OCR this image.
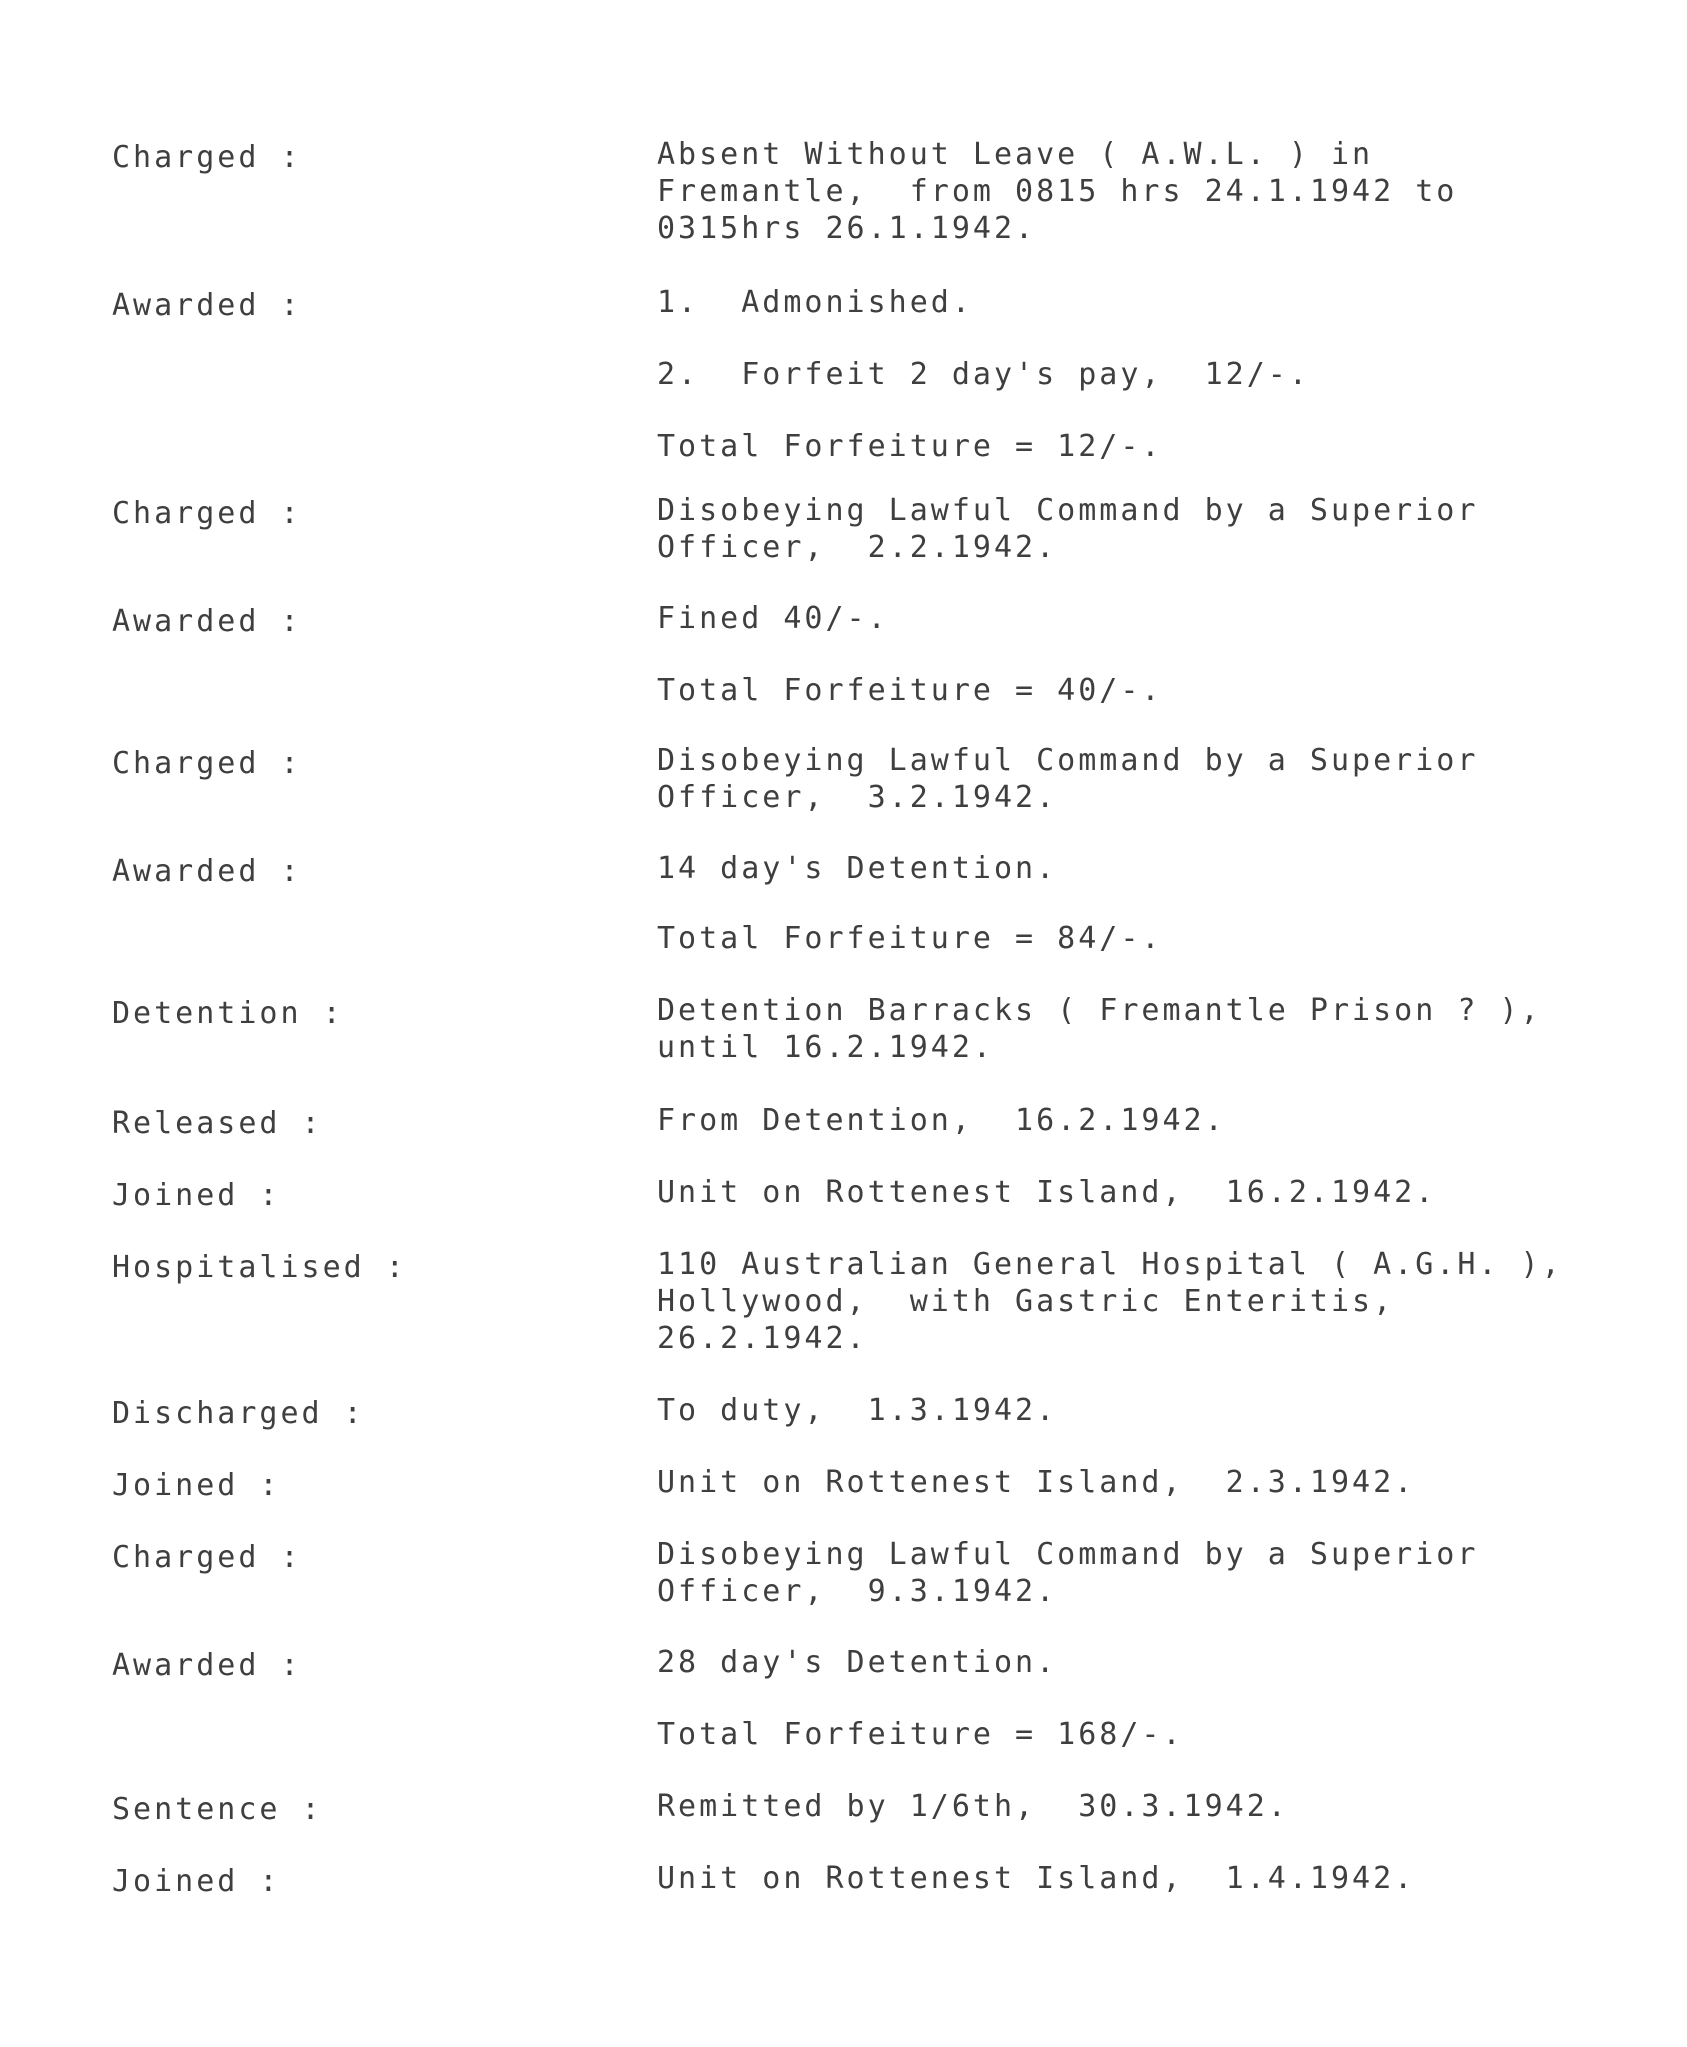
Charged :	Absent Without Leave ( A.W.L. ) in
Fremantle,  from 0815 hrs 24.1.1942 to
0315hrs 26.1.1942.
Awarded :	1.  Admonished.
2.  Forfeit 2 day's pay,  12/-.
Total Forfeiture = 12/-.
Charged :	Disobeying Lawful Command by a Superior
Officer,  2.2.1942.
Awarded :	Fined 40/-.
Total Forfeiture = 40/-.
Charged :	Disobeying Lawful Command by a Superior
Officer,  3.2.1942.
Awarded :	14 day's Detention.
Total Forfeiture = 84/-.
Detention :	Detention Barracks ( Fremantle Prison ? ),
until 16.2.1942.
Released :	From Detention,  16.2.1942.
Joined :	Unit on Rottenest Island,  16.2.1942.
Hospitalised :	110 Australian General Hospital ( A.G.H. ),
Hollywood,  with Gastric Enteritis,
26.2.1942.
Discharged :	To duty,  1.3.1942.
Joined :	Unit on Rottenest Island,  2.3.1942.
Charged :	Disobeying Lawful Command by a Superior
Officer,  9.3.1942.
Awarded :	28 day's Detention.
Total Forfeiture = 168/-.
Sentence :	Remitted by 1/6th,  30.3.1942.
Joined :	Unit on Rottenest Island,  1.4.1942.
